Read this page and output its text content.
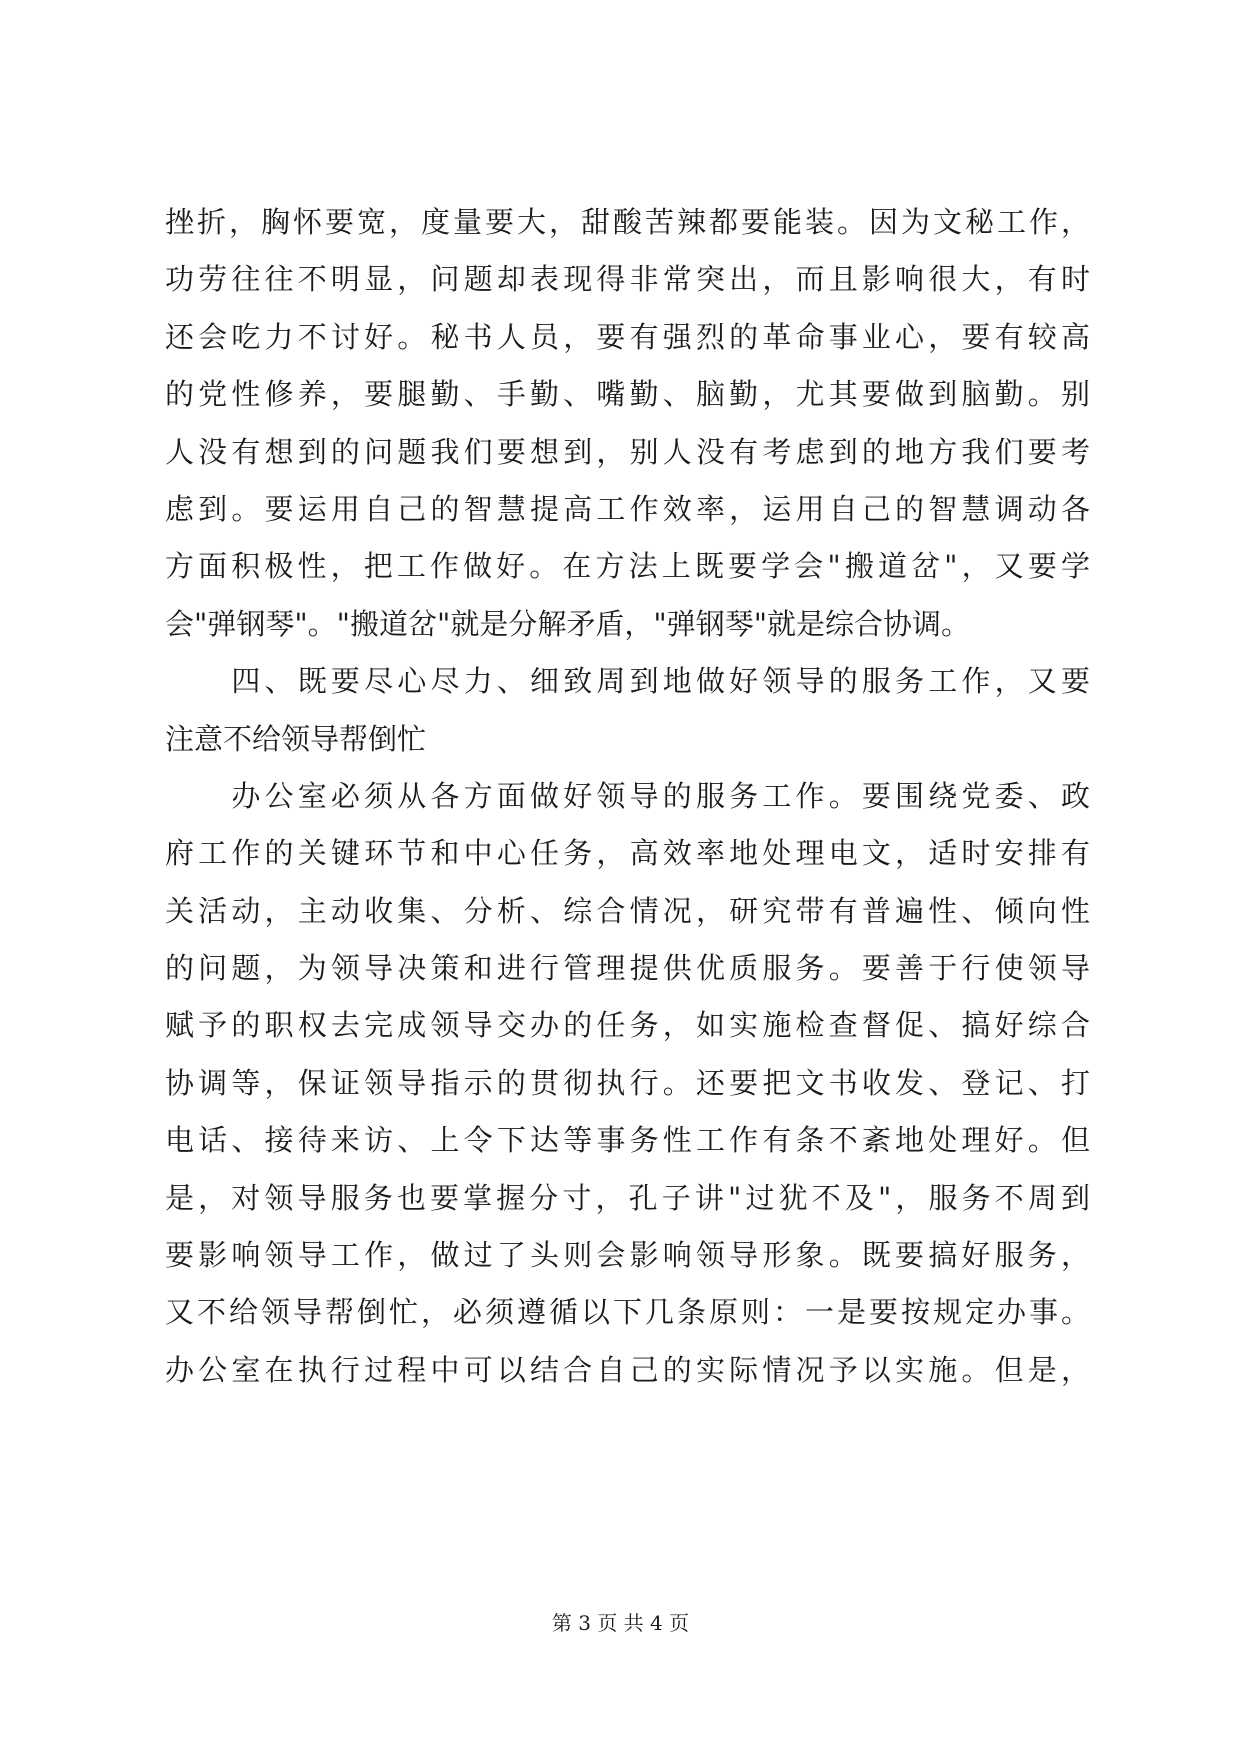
挫折，胸怀要宽，度量要大，甜酸苦辣都要能装。因为文秘工作，
功劳往往不明显，问题却表现得非常突出，而且影响很大，有时
还会吃力不讨好。秘书人员，要有强烈的革命事业心，要有较高
的党性修养，要腿勤、手勤、嘴勤、脑勤，尤其要做到脑勤。别
人没有想到的问题我们要想到，别人没有考虑到的地方我们要考
虑到。要运用自己的智慧提高工作效率，运用自己的智慧调动各
方面积极性，把工作做好。在方法上既要学会"搬道岔"，又要学
会"弹钢琴"。"搬道岔"就是分解矛盾，"弹钢琴"就是综合协调。
　　四、既要尽心尽力、细致周到地做好领导的服务工作，又要
注意不给领导帮倒忙
　　办公室必须从各方面做好领导的服务工作。要围绕党委、政
府工作的关键环节和中心任务，高效率地处理电文，适时安排有
关活动，主动收集、分析、综合情况，研究带有普遍性、倾向性
的问题，为领导决策和进行管理提供优质服务。要善于行使领导
赋予的职权去完成领导交办的任务，如实施检查督促、搞好综合
协调等，保证领导指示的贯彻执行。还要把文书收发、登记、打
电话、接待来访、上令下达等事务性工作有条不紊地处理好。但
是，对领导服务也要掌握分寸，孔子讲"过犹不及"，服务不周到
要影响领导工作，做过了头则会影响领导形象。既要搞好服务，
又不给领导帮倒忙，必须遵循以下几条原则：一是要按规定办事。
办公室在执行过程中可以结合自己的实际情况予以实施。但是，
第 3 页 共 4 页
